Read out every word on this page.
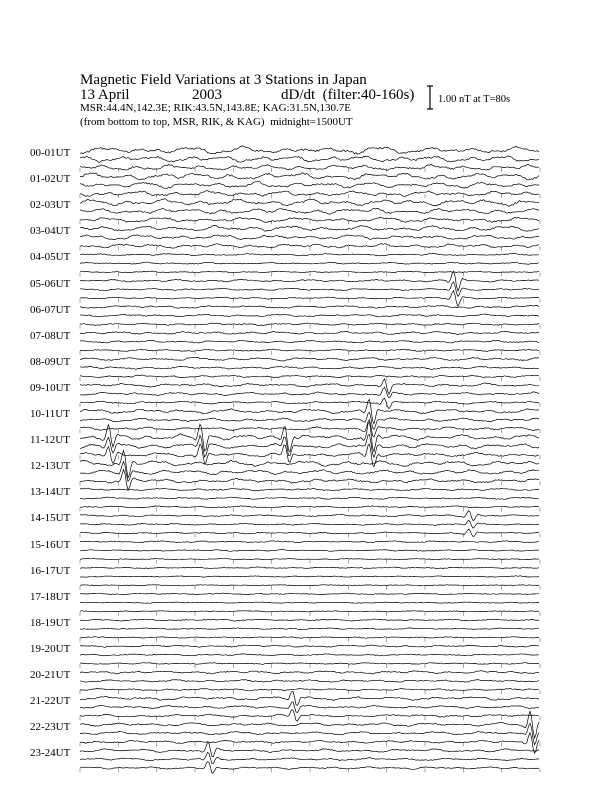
Magnetic Field Variations at 3 Stations in Japan
13 April	2003	dD/dt (filter:40-160s)
MSR:44.4N,142.3E; RIK:43.5N,143.8E; KAG:31.5N,130.7E
(from bottom to top, MSR, RIK, & KAG) midnight=1500UT
1.00 nT at T=80s
00-01UT
01-02UT
02-03UT
03-04UT
04-05UT
05-06UT
06-07UT
07-08UT
08-09UT
09-10UT
10-11UT
11-12UT
12-13UT
13-14UT
14-15UT
15-16UT
16-17UT
17-18UT
18-19UT
19-20UT
20-21UT
21-22UT
22-23UT
23-24UT
